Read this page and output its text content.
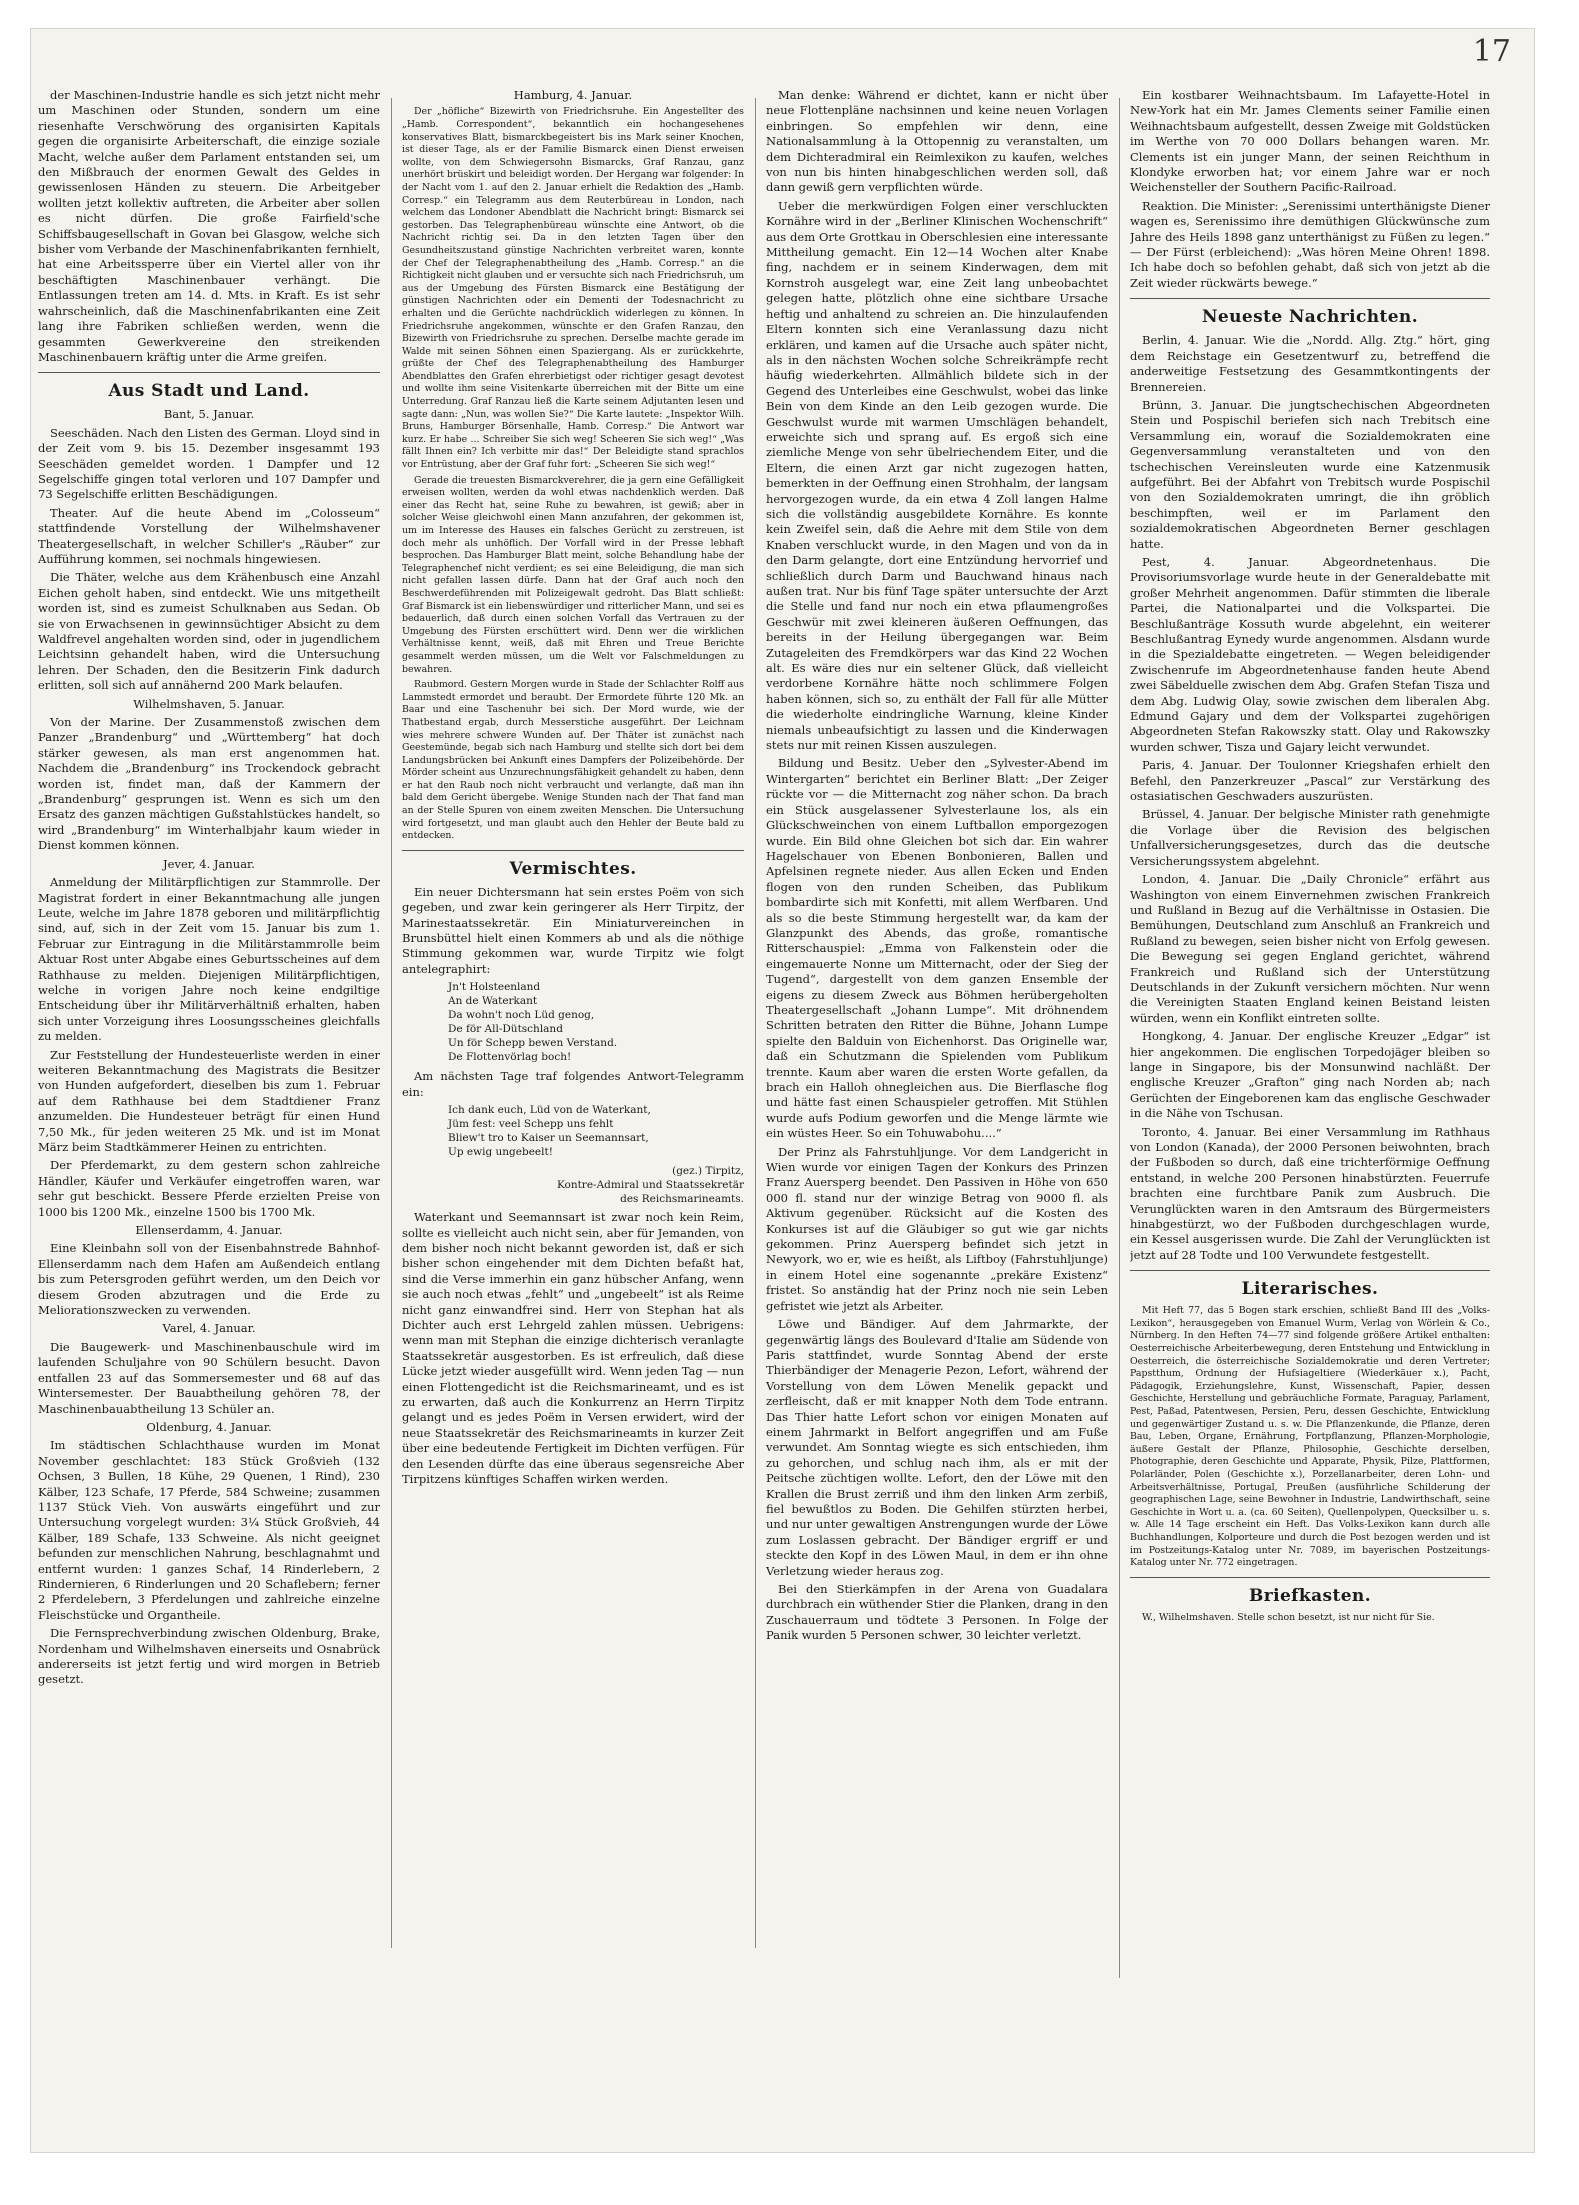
17

der Maschinen-Industrie handle es sich jetzt nicht mehr um Maschinen oder Stunden, sondern um eine riesenhafte Verschwörung des organisirten Kapitals gegen die organisirte Arbeiterschaft, die einzige soziale Macht, welche außer dem Parlament entstanden sei, um den Mißbrauch der enormen Gewalt des Geldes in gewissenlosen Händen zu steuern. Die Arbeitgeber wollten jetzt kollektiv auftreten, die Arbeiter aber sollen es nicht dürfen. Die große Fairfield'sche Schiffsbaugesellschaft in Govan bei Glasgow, welche sich bisher vom Verbande der Maschinenfabrikanten fernhielt, hat eine Arbeitssperre über ein Viertel aller von ihr beschäftigten Maschinenbauer verhängt. Die Entlassungen treten am 14. d. Mts. in Kraft. Es ist sehr wahrscheinlich, daß die Maschinenfabrikanten eine Zeit lang ihre Fabriken schließen werden, wenn die gesammten Gewerkvereine den streikenden Maschinenbauern kräftig unter die Arme greifen.

Aus Stadt und Land.

Bant, 5. Januar.

Seeschäden. Nach den Listen des German. Lloyd sind in der Zeit vom 9. bis 15. Dezember insgesammt 193 Seeschäden gemeldet worden. 1 Dampfer und 12 Segelschiffe gingen total verloren und 107 Dampfer und 73 Segelschiffe erlitten Beschädigungen.

Theater. Auf die heute Abend im „Colosseum“ stattfindende Vorstellung der Wilhelmshavener Theatergesellschaft, in welcher Schiller's „Räuber“ zur Aufführung kommen, sei nochmals hingewiesen.

Die Thäter, welche aus dem Krähenbusch eine Anzahl Eichen geholt haben, sind entdeckt. Wie uns mitgetheilt worden ist, sind es zumeist Schulknaben aus Sedan. Ob sie von Erwachsenen in gewinnsüchtiger Absicht zu dem Waldfrevel angehalten worden sind, oder in jugendlichem Leichtsinn gehandelt haben, wird die Untersuchung lehren. Der Schaden, den die Besitzerin Fink dadurch erlitten, soll sich auf annähernd 200 Mark belaufen.

Wilhelmshaven, 5. Januar.

Von der Marine. Der Zusammenstoß zwischen dem Panzer „Brandenburg“ und „Württemberg“ hat doch stärker gewesen, als man erst angenommen hat. Nachdem die „Brandenburg“ ins Trockendock gebracht worden ist, findet man, daß der Kammern der „Brandenburg“ gesprungen ist. Wenn es sich um den Ersatz des ganzen mächtigen Gußstahlstückes handelt, so wird „Brandenburg“ im Winterhalbjahr kaum wieder in Dienst kommen können.

Jever, 4. Januar.

Anmeldung der Militärpflichtigen zur Stammrolle. Der Magistrat fordert in einer Bekanntmachung alle jungen Leute, welche im Jahre 1878 geboren und militärpflichtig sind, auf, sich in der Zeit vom 15. Januar bis zum 1. Februar zur Eintragung in die Militärstammrolle beim Aktuar Rost unter Abgabe eines Geburtsscheines auf dem Rathhause zu melden. Diejenigen Militärpflichtigen, welche in vorigen Jahre noch keine endgiltige Entscheidung über ihr Militärverhältniß erhalten, haben sich unter Vorzeigung ihres Loosungsscheines gleichfalls zu melden.

Zur Feststellung der Hundesteuerliste werden in einer weiteren Bekanntmachung des Magistrats die Besitzer von Hunden aufgefordert, dieselben bis zum 1. Februar auf dem Rathhause bei dem Stadtdiener Franz anzumelden. Die Hundesteuer beträgt für einen Hund 7,50 Mk., für jeden weiteren 25 Mk. und ist im Monat März beim Stadtkämmerer Heinen zu entrichten.

Der Pferdemarkt, zu dem gestern schon zahlreiche Händler, Käufer und Verkäufer eingetroffen waren, war sehr gut beschickt. Bessere Pferde erzielten Preise von 1000 bis 1200 Mk., einzelne 1500 bis 1700 Mk.

Ellenserdamm, 4. Januar.

Eine Kleinbahn soll von der Eisenbahnstrede Bahnhof-Ellenserdamm nach dem Hafen am Außendeich entlang bis zum Petersgroden geführt werden, um den Deich vor diesem Groden abzutragen und die Erde zu Meliorationszwecken zu verwenden.

Varel, 4. Januar.

Die Baugewerk- und Maschinenbauschule wird im laufenden Schuljahre von 90 Schülern besucht. Davon entfallen 23 auf das Sommersemester und 68 auf das Wintersemester. Der Bauabtheilung gehören 78, der Maschinenbauabtheilung 13 Schüler an.

Oldenburg, 4. Januar.

Im städtischen Schlachthause wurden im Monat November geschlachtet: 183 Stück Großvieh (132 Ochsen, 3 Bullen, 18 Kühe, 29 Quenen, 1 Rind), 230 Kälber, 123 Schafe, 17 Pferde, 584 Schweine; zusammen 1137 Stück Vieh. Von auswärts eingeführt und zur Untersuchung vorgelegt wurden: 3¼ Stück Großvieh, 44 Kälber, 189 Schafe, 133 Schweine. Als nicht geeignet befunden zur menschlichen Nahrung, beschlagnahmt und entfernt wurden: 1 ganzes Schaf, 14 Rinderlebern, 2 Rindernieren, 6 Rinderlungen und 20 Schaflebern; ferner 2 Pferdelebern, 3 Pferdelungen und zahlreiche einzelne Fleischstücke und Organtheile.

Die Fernsprechverbindung zwischen Oldenburg, Brake, Nordenham und Wilhelmshaven einerseits und Osnabrück andererseits ist jetzt fertig und wird morgen in Betrieb gesetzt.

Hamburg, 4. Januar.

Der „höfliche“ Bizewirth von Friedrichsruhe. Ein Angestellter des „Hamb. Correspondent“, bekanntlich ein hochangesehenes konservatives Blatt, bismarckbegeistert bis ins Mark seiner Knochen, ist dieser Tage, als er der Familie Bismarck einen Dienst erweisen wollte, von dem Schwiegersohn Bismarcks, Graf Ranzau, ganz unerhört brüskirt und beleidigt worden. Der Hergang war folgender: In der Nacht vom 1. auf den 2. Januar erhielt die Redaktion des „Hamb. Corresp.“ ein Telegramm aus dem Reuterbüreau in London, nach welchem das Londoner Abendblatt die Nachricht bringt: Bismarck sei gestorben. Das Telegraphenbüreau wünschte eine Antwort, ob die Nachricht richtig sei. Da in den letzten Tagen über den Gesundheitszustand günstige Nachrichten verbreitet waren, konnte der Chef der Telegraphenabtheilung des „Hamb. Corresp.“ an die Richtigkeit nicht glauben und er versuchte sich nach Friedrichsruh, um aus der Umgebung des Fürsten Bismarck eine Bestätigung der günstigen Nachrichten oder ein Dementi der Todesnachricht zu erhalten und die Gerüchte nachdrücklich widerlegen zu können. In Friedrichsruhe angekommen, wünschte er den Grafen Ranzau, den Bizewirth von Friedrichsruhe zu sprechen. Derselbe machte gerade im Walde mit seinen Söhnen einen Spaziergang. Als er zurückkehrte, grüßte der Chef des Telegraphenabtheilung des Hamburger Abendblattes den Grafen ehrerbietigst oder richtiger gesagt devotest und wollte ihm seine Visitenkarte überreichen mit der Bitte um eine Unterredung. Graf Ranzau ließ die Karte seinem Adjutanten lesen und sagte dann: „Nun, was wollen Sie?“ Die Karte lautete: „Inspektor Wilh. Bruns, Hamburger Börsenhalle, Hamb. Corresp.“ Die Antwort war kurz. Er habe ... Schreiber Sie sich weg! Scheeren Sie sich weg!“ „Was fällt Ihnen ein? Ich verbitte mir das!“ Der Beleidigte stand sprachlos vor Entrüstung, aber der Graf fuhr fort: „Scheeren Sie sich weg!“

Gerade die treuesten Bismarckverehrer, die ja gern eine Gefälligkeit erweisen wollten, werden da wohl etwas nachdenklich werden. Daß einer das Recht hat, seine Ruhe zu bewahren, ist gewiß; aber in solcher Weise gleichwohl einen Mann anzufahren, der gekommen ist, um im Interesse des Hauses ein falsches Gerücht zu zerstreuen, ist doch mehr als unhöflich. Der Vorfall wird in der Presse lebhaft besprochen. Das Hamburger Blatt meint, solche Behandlung habe der Telegraphenchef nicht verdient; es sei eine Beleidigung, die man sich nicht gefallen lassen dürfe. Dann hat der Graf auch noch den Beschwerdeführenden mit Polizeigewalt gedroht. Das Blatt schließt: Graf Bismarck ist ein liebenswürdiger und ritterlicher Mann, und sei es bedauerlich, daß durch einen solchen Vorfall das Vertrauen zu der Umgebung des Fürsten erschüttert wird. Denn wer die wirklichen Verhältnisse kennt, weiß, daß mit Ehren und Treue Berichte gesammelt werden müssen, um die Welt vor Falschmeldungen zu bewahren.

Raubmord. Gestern Morgen wurde in Stade der Schlachter Rolff aus Lammstedt ermordet und beraubt. Der Ermordete führte 120 Mk. an Baar und eine Taschenuhr bei sich. Der Mord wurde, wie der Thatbestand ergab, durch Messerstiche ausgeführt. Der Leichnam wies mehrere schwere Wunden auf. Der Thäter ist zunächst nach Geestemünde, begab sich nach Hamburg und stellte sich dort bei dem Landungsbrücken bei Ankunft eines Dampfers der Polizeibehörde. Der Mörder scheint aus Unzurechnungsfähigkeit gehandelt zu haben, denn er hat den Raub noch nicht verbraucht und verlangte, daß man ihn bald dem Gericht übergebe. Wenige Stunden nach der That fand man an der Stelle Spuren von einem zweiten Menschen. Die Untersuchung wird fortgesetzt, und man glaubt auch den Hehler der Beute bald zu entdecken.

Vermischtes.

Ein neuer Dichtersmann hat sein erstes Poëm von sich gegeben, und zwar kein geringerer als Herr Tirpitz, der Marinestaatssekretär. Ein Miniaturvereinchen in Brunsbüttel hielt einen Kommers ab und als die nöthige Stimmung gekommen war, wurde Tirpitz wie folgt antelegraphirt:

Jn't Holsteenland
An de Waterkant
Da wohn't noch Lüd genog,
De för All-Dütschland
Un för Schepp bewen Verstand.
De Flottenvörlag boch!

Am nächsten Tage traf folgendes Antwort-Telegramm ein:

Ich dank euch, Lüd von de Waterkant,
Jüm fest: veel Schepp uns fehlt
Bliew't tro to Kaiser un Seemannsart,
Up ewig ungebeelt!
(gez.) Tirpitz,
Kontre-Admiral und Staatssekretär
des Reichsmarineamts.

Waterkant und Seemannsart ist zwar noch kein Reim, sollte es vielleicht auch nicht sein, aber für Jemanden, von dem bisher noch nicht bekannt geworden ist, daß er sich bisher schon eingehender mit dem Dichten befaßt hat, sind die Verse immerhin ein ganz hübscher Anfang, wenn sie auch noch etwas „fehlt“ und „ungebeelt“ ist als Reime nicht ganz einwandfrei sind. Herr von Stephan hat als Dichter auch erst Lehrgeld zahlen müssen. Uebrigens: wenn man mit Stephan die einzige dichterisch veranlagte Staatssekretär ausgestorben. Es ist erfreulich, daß diese Lücke jetzt wieder ausgefüllt wird. Wenn jeden Tag — nun einen Flottengedicht ist die Reichsmarineamt, und es ist zu erwarten, daß auch die Konkurrenz an Herrn Tirpitz gelangt und es jedes Poëm in Versen erwidert, wird der neue Staatssekretär des Reichsmarineamts in kurzer Zeit über eine bedeutende Fertigkeit im Dichten verfügen. Für den Lesenden dürfte das eine überaus segensreiche Aber Tirpitzens künftiges Schaffen wirken werden.

Man denke: Während er dichtet, kann er nicht über neue Flottenpläne nachsinnen und keine neuen Vorlagen einbringen. So empfehlen wir denn, eine Nationalsammlung à la Ottopennig zu veranstalten, um dem Dichteradmiral ein Reimlexikon zu kaufen, welches von nun bis hinten hinabgeschlichen werden soll, daß dann gewiß gern verpflichten würde.

Ueber die merkwürdigen Folgen einer verschluckten Kornähre wird in der „Berliner Klinischen Wochenschrift“ aus dem Orte Grottkau in Oberschlesien eine interessante Mittheilung gemacht. Ein 12—14 Wochen alter Knabe fing, nachdem er in seinem Kinderwagen, dem mit Kornstroh ausgelegt war, eine Zeit lang unbeobachtet gelegen hatte, plötzlich ohne eine sichtbare Ursache heftig und anhaltend zu schreien an. Die hinzulaufenden Eltern konnten sich eine Veranlassung dazu nicht erklären, und kamen auf die Ursache auch später nicht, als in den nächsten Wochen solche Schreikrämpfe recht häufig wiederkehrten. Allmählich bildete sich in der Gegend des Unterleibes eine Geschwulst, wobei das linke Bein von dem Kinde an den Leib gezogen wurde. Die Geschwulst wurde mit warmen Umschlägen behandelt, erweichte sich und sprang auf. Es ergoß sich eine ziemliche Menge von sehr übelriechendem Eiter, und die Eltern, die einen Arzt gar nicht zugezogen hatten, bemerkten in der Oeffnung einen Strohhalm, der langsam hervorgezogen wurde, da ein etwa 4 Zoll langen Halme sich die vollständig ausgebildete Kornähre. Es konnte kein Zweifel sein, daß die Aehre mit dem Stile von dem Knaben verschluckt wurde, in den Magen und von da in den Darm gelangte, dort eine Entzündung hervorrief und schließlich durch Darm und Bauchwand hinaus nach außen trat. Nur bis fünf Tage später untersuchte der Arzt die Stelle und fand nur noch ein etwa pflaumengroßes Geschwür mit zwei kleineren äußeren Oeffnungen, das bereits in der Heilung übergegangen war. Beim Zutageleiten des Fremdkörpers war das Kind 22 Wochen alt. Es wäre dies nur ein seltener Glück, daß vielleicht verdorbene Kornähre hätte noch schlimmere Folgen haben können, sich so, zu enthält der Fall für alle Mütter die wiederholte eindringliche Warnung, kleine Kinder niemals unbeaufsichtigt zu lassen und die Kinderwagen stets nur mit reinen Kissen auszulegen.

Bildung und Besitz. Ueber den „Sylvester-Abend im Wintergarten“ berichtet ein Berliner Blatt: „Der Zeiger rückte vor — die Mitternacht zog näher schon. Da brach ein Stück ausgelassener Sylvesterlaune los, als ein Glückschweinchen von einem Luftballon emporgezogen wurde. Ein Bild ohne Gleichen bot sich dar. Ein wahrer Hagelschauer von Ebenen Bonbonieren, Ballen und Apfelsinen regnete nieder. Aus allen Ecken und Enden flogen von den runden Scheiben, das Publikum bombardirte sich mit Konfetti, mit allem Werfbaren. Und als so die beste Stimmung hergestellt war, da kam der Glanzpunkt des Abends, das große, romantische Ritterschauspiel: „Emma von Falkenstein oder die eingemauerte Nonne um Mitternacht, oder der Sieg der Tugend“, dargestellt von dem ganzen Ensemble der eigens zu diesem Zweck aus Böhmen herübergeholten Theatergesellschaft „Johann Lumpe“. Mit dröhnendem Schritten betraten den Ritter die Bühne, Johann Lumpe spielte den Balduin von Eichenhorst. Das Originelle war, daß ein Schutzmann die Spielenden vom Publikum trennte. Kaum aber waren die ersten Worte gefallen, da brach ein Halloh ohnegleichen aus. Die Bierflasche flog und hätte fast einen Schauspieler getroffen. Mit Stühlen wurde aufs Podium geworfen und die Menge lärmte wie ein wüstes Heer. So ein Tohuwabohu....“

Der Prinz als Fahrstuhljunge. Vor dem Landgericht in Wien wurde vor einigen Tagen der Konkurs des Prinzen Franz Auersperg beendet. Den Passiven in Höhe von 650 000 fl. stand nur der winzige Betrag von 9000 fl. als Aktivum gegenüber. Rücksicht auf die Kosten des Konkurses ist auf die Gläubiger so gut wie gar nichts gekommen. Prinz Auersperg befindet sich jetzt in Newyork, wo er, wie es heißt, als Liftboy (Fahrstuhljunge) in einem Hotel eine sogenannte „prekäre Existenz“ fristet. So anständig hat der Prinz noch nie sein Leben gefristet wie jetzt als Arbeiter.

Löwe und Bändiger. Auf dem Jahrmarkte, der gegenwärtig längs des Boulevard d'Italie am Südende von Paris stattfindet, wurde Sonntag Abend der erste Thierbändiger der Menagerie Pezon, Lefort, während der Vorstellung von dem Löwen Menelik gepackt und zerfleischt, daß er mit knapper Noth dem Tode entrann. Das Thier hatte Lefort schon vor einigen Monaten auf einem Jahrmarkt in Belfort angegriffen und am Fuße verwundet. Am Sonntag wiegte es sich entschieden, ihm zu gehorchen, und schlug nach ihm, als er mit der Peitsche züchtigen wollte. Lefort, den der Löwe mit den Krallen die Brust zerriß und ihm den linken Arm zerbiß, fiel bewußtlos zu Boden. Die Gehilfen stürzten herbei, und nur unter gewaltigen Anstrengungen wurde der Löwe zum Loslassen gebracht. Der Bändiger ergriff er und steckte den Kopf in des Löwen Maul, in dem er ihn ohne Verletzung wieder heraus zog.

Bei den Stierkämpfen in der Arena von Guadalara durchbrach ein wüthender Stier die Planken, drang in den Zuschauerraum und tödtete 3 Personen. In Folge der Panik wurden 5 Personen schwer, 30 leichter verletzt.

Ein kostbarer Weihnachtsbaum. Im Lafayette-Hotel in New-York hat ein Mr. James Clements seiner Familie einen Weihnachtsbaum aufgestellt, dessen Zweige mit Goldstücken im Werthe von 70 000 Dollars behangen waren. Mr. Clements ist ein junger Mann, der seinen Reichthum in Klondyke erworben hat; vor einem Jahre war er noch Weichensteller der Southern Pacific-Railroad.

Reaktion. Die Minister: „Serenissimi unterthänigste Diener wagen es, Serenissimo ihre demüthigen Glückwünsche zum Jahre des Heils 1898 ganz unterthänigst zu Füßen zu legen.“ — Der Fürst (erbleichend): „Was hören Meine Ohren! 1898. Ich habe doch so befohlen gehabt, daß sich von jetzt ab die Zeit wieder rückwärts bewege.“

Neueste Nachrichten.

Berlin, 4. Januar. Wie die „Nordd. Allg. Ztg.“ hört, ging dem Reichstage ein Gesetzentwurf zu, betreffend die anderweitige Festsetzung des Gesammtkontingents der Brennereien.

Brünn, 3. Januar. Die jungtschechischen Abgeordneten Stein und Pospischil beriefen sich nach Trebitsch eine Versammlung ein, worauf die Sozialdemokraten eine Gegenversammlung veranstalteten und von den tschechischen Vereinsleuten wurde eine Katzenmusik aufgeführt. Bei der Abfahrt von Trebitsch wurde Pospischil von den Sozialdemokraten umringt, die ihn gröblich beschimpften, weil er im Parlament den sozialdemokratischen Abgeordneten Berner geschlagen hatte.

Pest, 4. Januar. Abgeordnetenhaus. Die Provisoriumsvorlage wurde heute in der Generaldebatte mit großer Mehrheit angenommen. Dafür stimmten die liberale Partei, die Nationalpartei und die Volkspartei. Die Beschlußanträge Kossuth wurde abgelehnt, ein weiterer Beschlußantrag Eynedy wurde angenommen. Alsdann wurde in die Spezialdebatte eingetreten. — Wegen beleidigender Zwischenrufe im Abgeordnetenhause fanden heute Abend zwei Säbelduelle zwischen dem Abg. Grafen Stefan Tisza und dem Abg. Ludwig Olay, sowie zwischen dem liberalen Abg. Edmund Gajary und dem der Volkspartei zugehörigen Abgeordneten Stefan Rakowszky statt. Olay und Rakowszky wurden schwer, Tisza und Gajary leicht verwundet.

Paris, 4. Januar. Der Toulonner Kriegshafen erhielt den Befehl, den Panzerkreuzer „Pascal“ zur Verstärkung des ostasiatischen Geschwaders auszurüsten.

Brüssel, 4. Januar. Der belgische Minister rath genehmigte die Vorlage über die Revision des belgischen Unfallversicherungsgesetzes, durch das die deutsche Versicherungssystem abgelehnt.

London, 4. Januar. Die „Daily Chronicle“ erfährt aus Washington von einem Einvernehmen zwischen Frankreich und Rußland in Bezug auf die Verhältnisse in Ostasien. Die Bemühungen, Deutschland zum Anschluß an Frankreich und Rußland zu bewegen, seien bisher nicht von Erfolg gewesen. Die Bewegung sei gegen England gerichtet, während Frankreich und Rußland sich der Unterstützung Deutschlands in der Zukunft versichern möchten. Nur wenn die Vereinigten Staaten England keinen Beistand leisten würden, wenn ein Konflikt eintreten sollte.

Hongkong, 4. Januar. Der englische Kreuzer „Edgar“ ist hier angekommen. Die englischen Torpedojäger bleiben so lange in Singapore, bis der Monsunwind nachläßt. Der englische Kreuzer „Grafton“ ging nach Norden ab; nach Gerüchten der Eingeborenen kam das englische Geschwader in die Nähe von Tschusan.

Toronto, 4. Januar. Bei einer Versammlung im Rathhaus von London (Kanada), der 2000 Personen beiwohnten, brach der Fußboden so durch, daß eine trichterförmige Oeffnung entstand, in welche 200 Personen hinabstürzten. Feuerrufe brachten eine furchtbare Panik zum Ausbruch. Die Verunglückten waren in den Amtsraum des Bürgermeisters hinabgestürzt, wo der Fußboden durchgeschlagen wurde, ein Kessel ausgerissen wurde. Die Zahl der Verunglückten ist jetzt auf 28 Todte und 100 Verwundete festgestellt.

Literarisches.

Mit Heft 77, das 5 Bogen stark erschien, schließt Band III des „Volks-Lexikon“, herausgegeben von Emanuel Wurm, Verlag von Wörlein & Co., Nürnberg. In den Heften 74—77 sind folgende größere Artikel enthalten: Oesterreichische Arbeiterbewegung, deren Entstehung und Entwicklung in Oesterreich, die österreichische Sozialdemokratie und deren Vertreter; Papstthum, Ordnung der Hufsiageltiere (Wiederkäuer x.), Pacht, Pädagogik, Erziehungslehre, Kunst, Wissenschaft, Papier, dessen Geschichte, Herstellung und gebräuchliche Formate, Paraguay, Parlament, Pest, Paßad, Patentwesen, Persien, Peru, dessen Geschichte, Entwicklung und gegenwärtiger Zustand u. s. w. Die Pflanzenkunde, die Pflanze, deren Bau, Leben, Organe, Ernährung, Fortpflanzung, Pflanzen-Morphologie, äußere Gestalt der Pflanze, Philosophie, Geschichte derselben, Photographie, deren Geschichte und Apparate, Physik, Pilze, Plattformen, Polarländer, Polen (Geschichte x.), Porzellanarbeiter, deren Lohn- und Arbeitsverhältnisse, Portugal, Preußen (ausführliche Schilderung der geographischen Lage, seine Bewohner in Industrie, Landwirthschaft, seine Geschichte in Wort u. a. (ca. 60 Seiten), Quellenpolypen, Quecksilber u. s. w. Alle 14 Tage erscheint ein Heft. Das Volks-Lexikon kann durch alle Buchhandlungen, Kolporteure und durch die Post bezogen werden und ist im Postzeitungs-Katalog unter Nr. 7089, im bayerischen Postzeitungs-Katalog unter Nr. 772 eingetragen.

Briefkasten.

W., Wilhelmshaven. Stelle schon besetzt, ist nur nicht für Sie.
